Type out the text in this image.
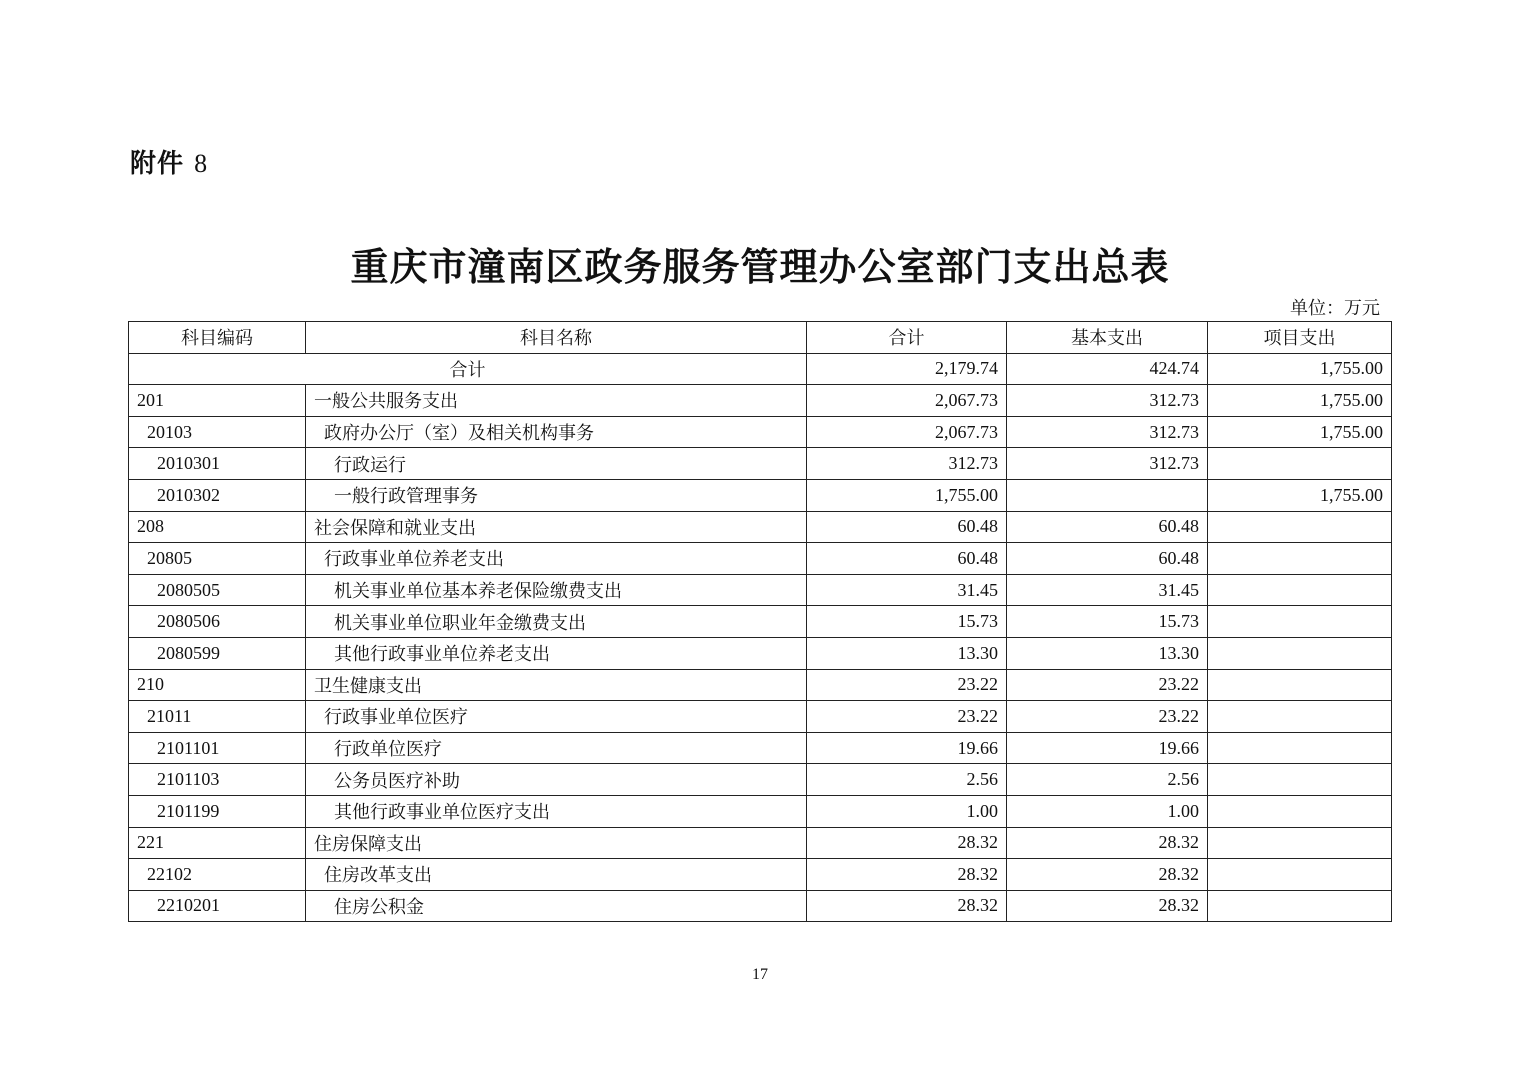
附件 8
重庆市潼南区政务服务管理办公室部门支出总表
单位：万元
科目编码	科目名称	合计	基本支出	项目支出
合计		2,179.74	424.74	1,755.00
201	一般公共服务支出	2,067.73	312.73	1,755.00
20103	政府办公厅（室）及相关机构事务	2,067.73	312.73	1,755.00
2010301	行政运行	312.73	312.73	
2010302	一般行政管理事务	1,755.00		1,755.00
208	社会保障和就业支出	60.48	60.48	
20805	行政事业单位养老支出	60.48	60.48	
2080505	机关事业单位基本养老保险缴费支出	31.45	31.45	
2080506	机关事业单位职业年金缴费支出	15.73	15.73	
2080599	其他行政事业单位养老支出	13.30	13.30	
210	卫生健康支出	23.22	23.22	
21011	行政事业单位医疗	23.22	23.22	
2101101	行政单位医疗	19.66	19.66	
2101103	公务员医疗补助	2.56	2.56	
2101199	其他行政事业单位医疗支出	1.00	1.00	
221	住房保障支出	28.32	28.32	
22102	住房改革支出	28.32	28.32	
2210201	住房公积金	28.32	28.32	
17
